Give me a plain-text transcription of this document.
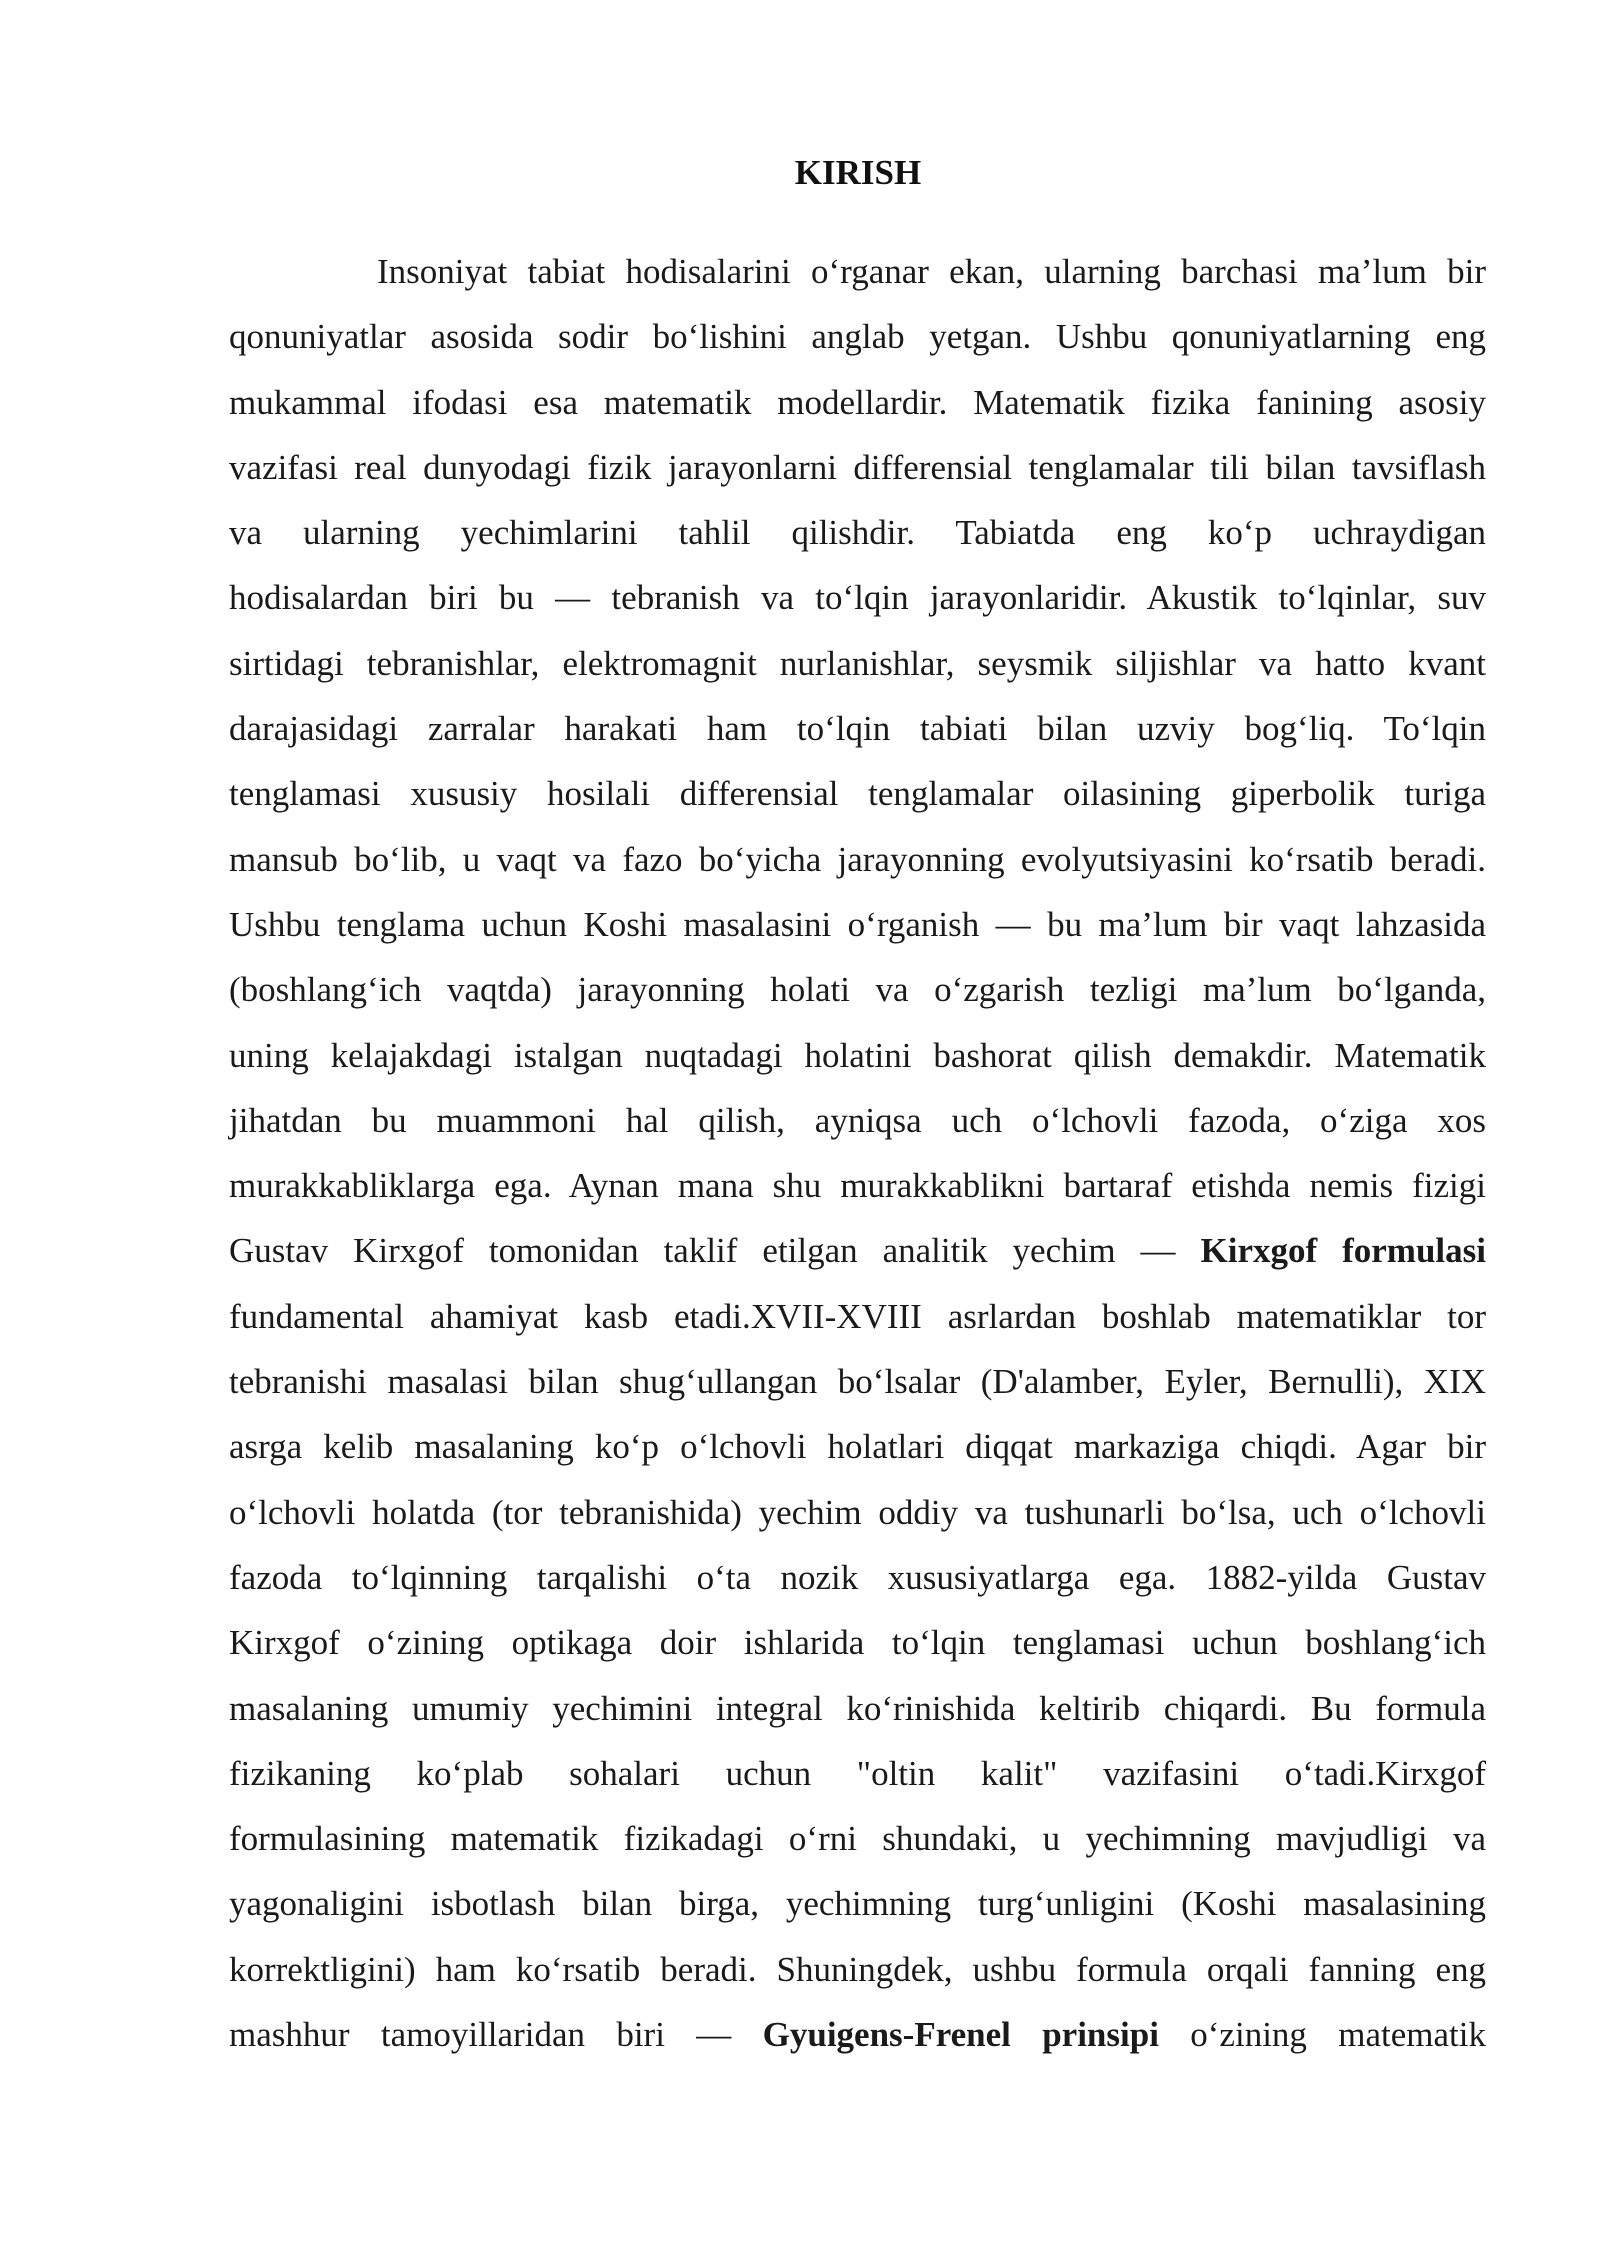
KIRISH
Insoniyat tabiat hodisalarini o‘rganar ekan, ularning barchasi ma’lum bir
qonuniyatlar asosida sodir bo‘lishini anglab yetgan. Ushbu qonuniyatlarning eng
mukammal ifodasi esa matematik modellardir. Matematik fizika fanining asosiy
vazifasi real dunyodagi fizik jarayonlarni differensial tenglamalar tili bilan tavsiflash
va ularning yechimlarini tahlil qilishdir. Tabiatda eng ko‘p uchraydigan
hodisalardan biri bu — tebranish va to‘lqin jarayonlaridir. Akustik to‘lqinlar, suv
sirtidagi tebranishlar, elektromagnit nurlanishlar, seysmik siljishlar va hatto kvant
darajasidagi zarralar harakati ham to‘lqin tabiati bilan uzviy bog‘liq. To‘lqin
tenglamasi xususiy hosilali differensial tenglamalar oilasining giperbolik turiga
mansub bo‘lib, u vaqt va fazo bo‘yicha jarayonning evolyutsiyasini ko‘rsatib beradi.
Ushbu tenglama uchun Koshi masalasini o‘rganish — bu ma’lum bir vaqt lahzasida
(boshlang‘ich vaqtda) jarayonning holati va o‘zgarish tezligi ma’lum bo‘lganda,
uning kelajakdagi istalgan nuqtadagi holatini bashorat qilish demakdir. Matematik
jihatdan bu muammoni hal qilish, ayniqsa uch o‘lchovli fazoda, o‘ziga xos
murakkabliklarga ega. Aynan mana shu murakkablikni bartaraf etishda nemis fizigi
Gustav Kirxgof tomonidan taklif etilgan analitik yechim — Kirxgof formulasi
fundamental ahamiyat kasb etadi.XVII-XVIII asrlardan boshlab matematiklar tor
tebranishi masalasi bilan shug‘ullangan bo‘lsalar (D'alamber, Eyler, Bernulli), XIX
asrga kelib masalaning ko‘p o‘lchovli holatlari diqqat markaziga chiqdi. Agar bir
o‘lchovli holatda (tor tebranishida) yechim oddiy va tushunarli bo‘lsa, uch o‘lchovli
fazoda to‘lqinning tarqalishi o‘ta nozik xususiyatlarga ega. 1882-yilda Gustav
Kirxgof o‘zining optikaga doir ishlarida to‘lqin tenglamasi uchun boshlang‘ich
masalaning umumiy yechimini integral ko‘rinishida keltirib chiqardi. Bu formula
fizikaning ko‘plab sohalari uchun "oltin kalit" vazifasini o‘tadi.Kirxgof
formulasining matematik fizikadagi o‘rni shundaki, u yechimning mavjudligi va
yagonaligini isbotlash bilan birga, yechimning turg‘unligini (Koshi masalasining
korrektligini) ham ko‘rsatib beradi. Shuningdek, ushbu formula orqali fanning eng
mashhur tamoyillaridan biri — Gyuigens-Frenel prinsipi o‘zining matematik
